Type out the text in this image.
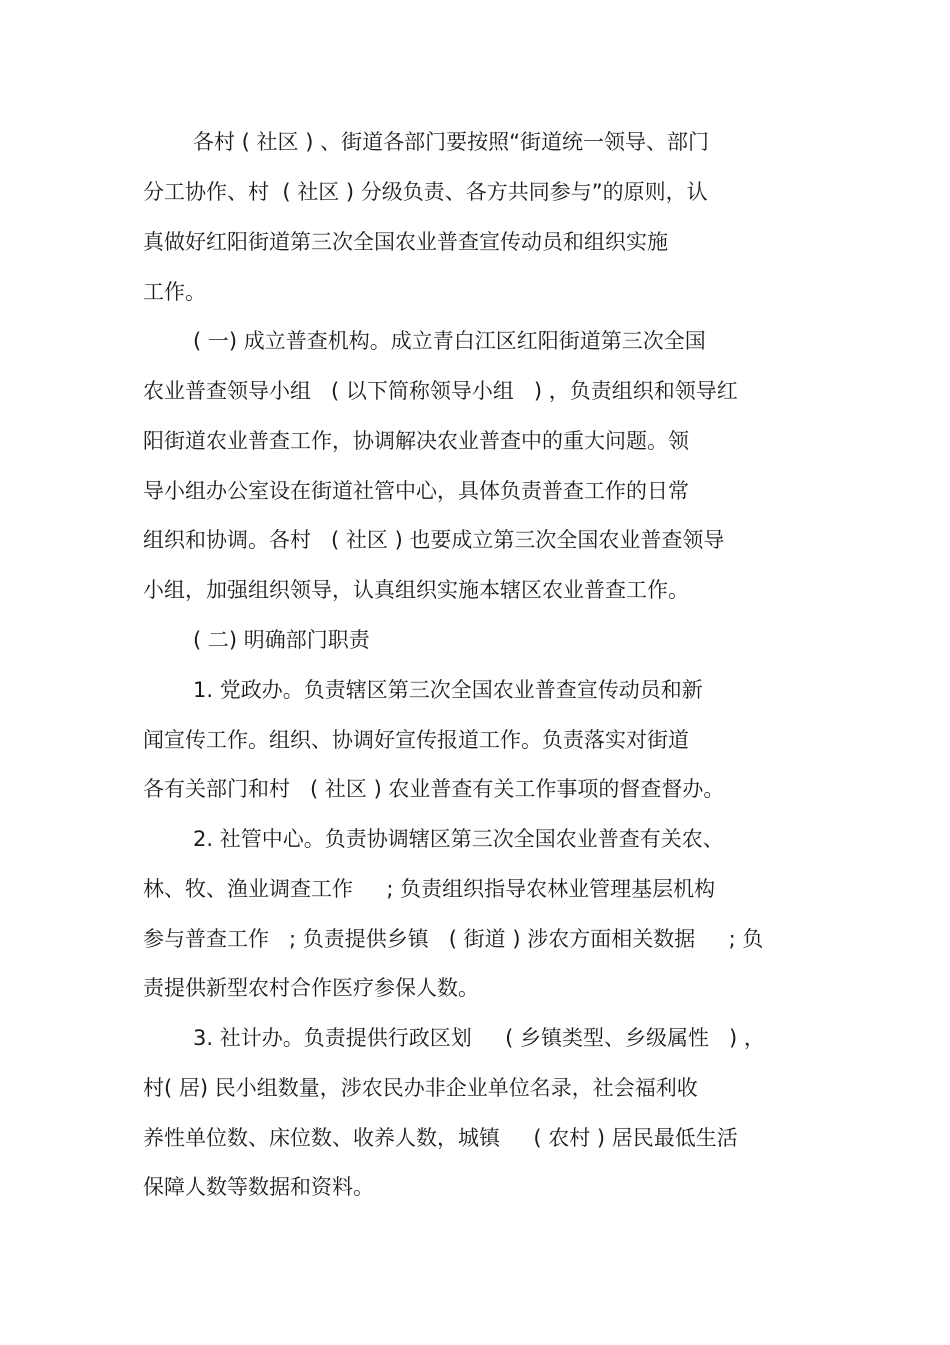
各村 ( 社区 ) 、街道各部门要按照“街道统一领导、部门
分工协作、村  ( 社区 ) 分级负责、各方共同参与”的原则，认
真做好红阳街道第三次全国农业普查宣传动员和组织实施
工作。
( 一) 成立普查机构。成立青白江区红阳街道第三次全国
农业普查领导小组   ( 以下简称领导小组   ) ，负责组织和领导红
阳街道农业普查工作，协调解决农业普查中的重大问题。领
导小组办公室设在街道社管中心，具体负责普查工作的日常
组织和协调。各村   ( 社区 ) 也要成立第三次全国农业普查领导
小组，加强组织领导，认真组织实施本辖区农业普查工作。
( 二) 明确部门职责
1. 党政办。负责辖区第三次全国农业普查宣传动员和新
闻宣传工作。组织、协调好宣传报道工作。负责落实对街道
各有关部门和村   ( 社区 ) 农业普查有关工作事项的督查督办。
2. 社管中心。负责协调辖区第三次全国农业普查有关农、
林、牧、渔业调查工作     ; 负责组织指导农林业管理基层机构
参与普查工作   ; 负责提供乡镇   ( 街道 ) 涉农方面相关数据     ; 负
责提供新型农村合作医疗参保人数。
3. 社计办。负责提供行政区划     ( 乡镇类型、乡级属性   ) ，
村( 居) 民小组数量，涉农民办非企业单位名录，社会福利收
养性单位数、床位数、收养人数，城镇     ( 农村 ) 居民最低生活
保障人数等数据和资料。
